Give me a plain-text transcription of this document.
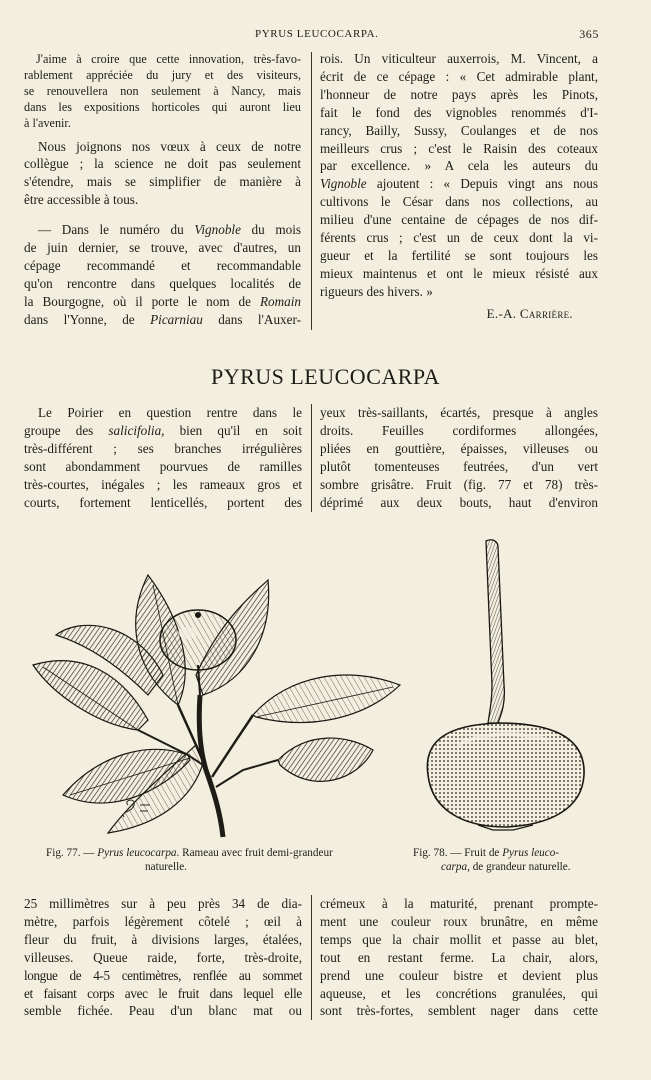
PYRUS LEUCOCARPA.	365

J'aime à croire que cette innovation, très-favo-
rablement appréciée du jury et des visiteurs,
se renouvellera non seulement à Nancy, mais
dans les expositions horticoles qui auront lieu
à l'avenir.

Nous joignons nos vœux à ceux de notre
collègue ; la science ne doit pas seulement
s'étendre, mais se simplifier de manière à
être accessible à tous.

— Dans le numéro du Vignoble du mois
de juin dernier, se trouve, avec d'autres, un
cépage recommandé et recommandable
qu'on rencontre dans quelques localités de
la Bourgogne, où il porte le nom de Romain
dans l'Yonne, de Picarniau dans l'Auxer-

rois. Un viticulteur auxerrois, M. Vincent, a
écrit de ce cépage : « Cet admirable plant,
l'honneur de notre pays après les Pinots,
fait le fond des vignobles renommés d'I-
rancy, Bailly, Sussy, Coulanges et de nos
meilleurs crus ; c'est le Raisin des coteaux
par excellence. » A cela les auteurs du
Vignoble ajoutent : « Depuis vingt ans nous
cultivons le César dans nos collections, au
milieu d'une centaine de cépages de nos dif-
férents crus ; c'est un de ceux dont la vi-
gueur et la fertilité se sont toujours les
mieux maintenus et ont le mieux résisté aux
rigueurs des hivers. »
E.-A. Carrière.
PYRUS LEUCOCARPA
Le Poirier en question rentre dans le
groupe des salicifolia, bien qu'il en soit
très-différent ; ses branches irrégulières
sont abondamment pourvues de ramilles
très-courtes, inégales ; les rameaux gros et
courts, fortement lenticellés, portent des
yeux très-saillants, écartés, presque à angles
droits. Feuilles cordiformes allongées,
pliées en gouttière, épaisses, villeuses ou
plutôt tomenteuses feutrées, d'un vert
sombre grisâtre. Fruit (fig. 77 et 78) très-
déprimé aux deux bouts, haut d'environ
Fig. 77. — Pyrus leucocarpa. Rameau avec fruit demi-grandeur
naturelle.
Fig. 78. — Fruit de Pyrus leuco-
carpa, de grandeur naturelle.
25 millimètres sur à peu près 34 de dia-
mètre, parfois légèrement côtelé ; œil à
fleur du fruit, à divisions larges, étalées,
villeuses. Queue raide, forte, très-droite,
longue de 4-5 centimètres, renflée au sommet
et faisant corps avec le fruit dans lequel elle
semble fichée. Peau d'un blanc mat ou
crémeux à la maturité, prenant prompte-
ment une couleur roux brunâtre, en même
temps que la chair mollit et passe au blet,
tout en restant ferme. La chair, alors,
prend une couleur bistre et devient plus
aqueuse, et les concrétions granulées, qui
sont très-fortes, semblent nager dans cette
